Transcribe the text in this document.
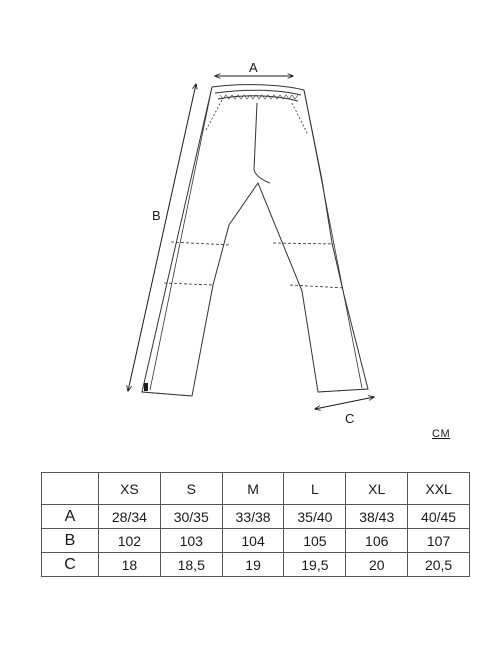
A
B
C
CM
	XS	S	M	L	XL	XXL
A	28/34	30/35	33/38	35/40	38/43	40/45
B	102	103	104	105	106	107
C	18	18,5	19	19,5	20	20,5
